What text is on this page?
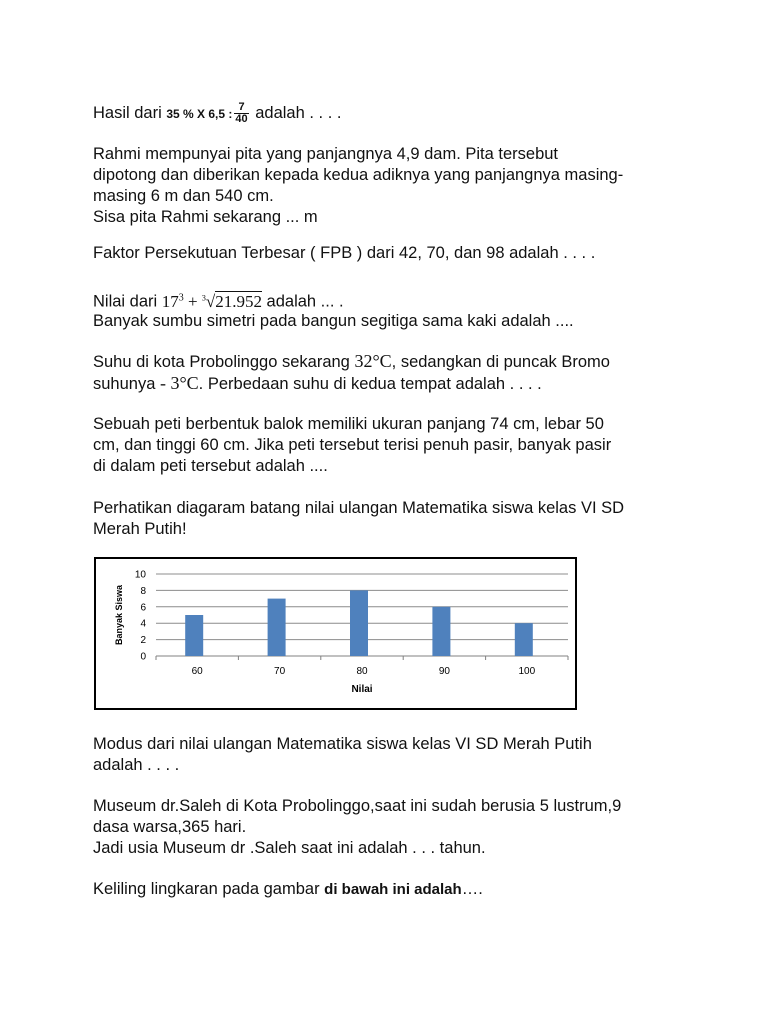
Hasil dari 35 % X 6,5 : $\frac{7}{40}$ adalah . . . .
Rahmi mempunyai pita yang panjangnya 4,9 dam. Pita tersebut
dipotong dan diberikan kepada kedua adiknya yang panjangnya masing-
masing 6 m dan 540 cm.
Sisa pita Rahmi sekarang ... m
Faktor Persekutuan Terbesar ( FPB ) dari 42, 70, dan 98 adalah . . . .
Nilai dari $17^3 + ^3√21.952$ adalah ... .
Banyak sumbu simetri pada bangun segitiga sama kaki adalah ....
Suhu di kota Probolinggo sekarang 32°C, sedangkan di puncak Bromo
suhunya - 3°C. Perbedaan suhu di kedua tempat adalah . . . .
Sebuah peti berbentuk balok memiliki ukuran panjang 74 cm, lebar 50
cm, dan tinggi 60 cm. Jika peti tersebut terisi penuh pasir, banyak pasir
di dalam peti tersebut adalah ....
Perhatikan diagaram batang nilai ulangan Matematika siswa kelas VI SD
Merah Putih!
0
2
4
6
8
10
60	70	80	90	100
Banyak Siswa
Nilai
Modus dari nilai ulangan Matematika siswa kelas VI SD Merah Putih
adalah . . . .
Museum dr.Saleh di Kota Probolinggo,saat ini sudah berusia 5 lustrum,9
dasa warsa,365 hari.
Jadi usia Museum dr .Saleh saat ini adalah . . . tahun.
Keliling lingkaran pada gambar di bawah ini adalah….
